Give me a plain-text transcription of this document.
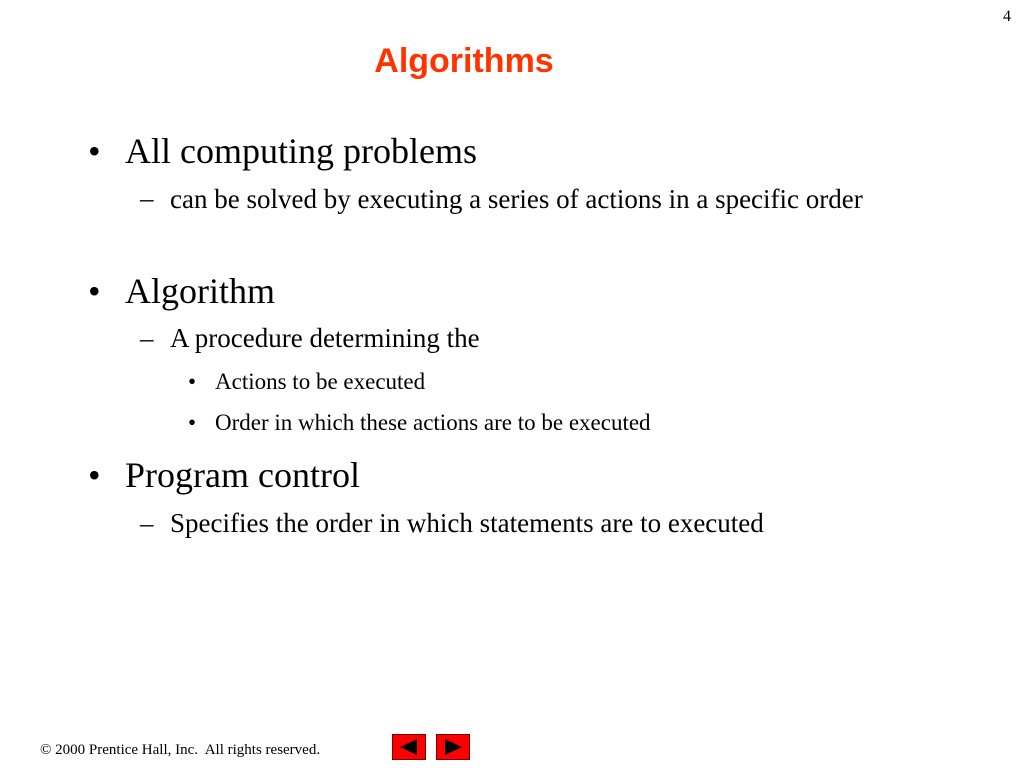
4
Algorithms
• All computing problems
– can be solved by executing a series of actions in a specific order
• Algorithm
– A procedure determining the
• Actions to be executed
• Order in which these actions are to be executed
• Program control
– Specifies the order in which statements are to executed
© 2000 Prentice Hall, Inc.  All rights reserved.
